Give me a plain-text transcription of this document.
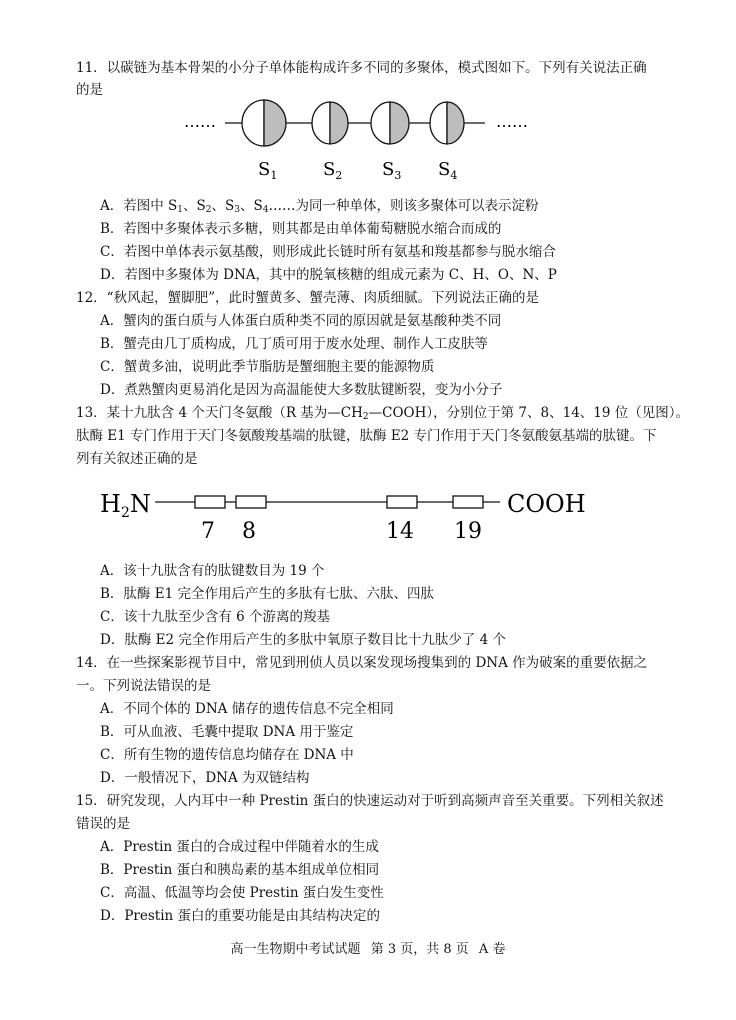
11．以碳链为基本骨架的小分子单体能构成许多不同的多聚体，模式图如下。下列有关说法正确
的是
……	……
$S_1$	$S_2$ $S_3$ $S_4$
A．若图中 $S_1$、$S_2$、$S_3$、$S_4\dots\dots$为同一种单体，则该多聚体可以表示淀粉
B．若图中多聚体表示多糖，则其都是由单体葡萄糖脱水缩合而成的
C．若图中单体表示氨基酸，则形成此长链时所有氨基和羧基都参与脱水缩合
D．若图中多聚体为 DNA，其中的脱氧核糖的组成元素为 C、H、O、N、P
12．“秋风起，蟹脚肥”，此时蟹黄多、蟹壳薄、肉质细腻。下列说法正确的是
A．蟹肉的蛋白质与人体蛋白质种类不同的原因就是氨基酸种类不同
B．蟹壳由几丁质构成，几丁质可用于废水处理、制作人工皮肤等
C．蟹黄多油，说明此季节脂肪是蟹细胞主要的能源物质
D．煮熟蟹肉更易消化是因为高温能使大多数肽键断裂，变为小分子
13．某十九肽含 4 个天门冬氨酸（R 基为$—CH_2—COOH$），分别位于第 7、8、14、19 位（见图）。
肽酶 E1 专门作用于天门冬氨酸羧基端的肽键，肽酶 E2 专门作用于天门冬氨酸氨基端的肽键。下
列有关叙述正确的是
$H_2N$	COOH
7 8	14 19
A．该十九肽含有的肽键数目为 19 个
B．肽酶 E1 完全作用后产生的多肽有七肽、六肽、四肽
C．该十九肽至少含有 6 个游离的羧基
D．肽酶 E2 完全作用后产生的多肽中氧原子数目比十九肽少了 4 个
14．在一些探案影视节目中，常见到刑侦人员以案发现场搜集到的 DNA 作为破案的重要依据之
一。下列说法错误的是
A．不同个体的 DNA 储存的遗传信息不完全相同
B．可从血液、毛囊中提取 DNA 用于鉴定
C．所有生物的遗传信息均储存在 DNA 中
D．一般情况下，DNA 为双链结构
15．研究发现，人内耳中一种 Prestin 蛋白的快速运动对于听到高频声音至关重要。下列相关叙述
错误的是
A．Prestin 蛋白的合成过程中伴随着水的生成
B．Prestin 蛋白和胰岛素的基本组成单位相同
C．高温、低温等均会使 Prestin 蛋白发生变性
D．Prestin 蛋白的重要功能是由其结构决定的
高一生物期中考试试题 第 3 页，共 8 页 A 卷
